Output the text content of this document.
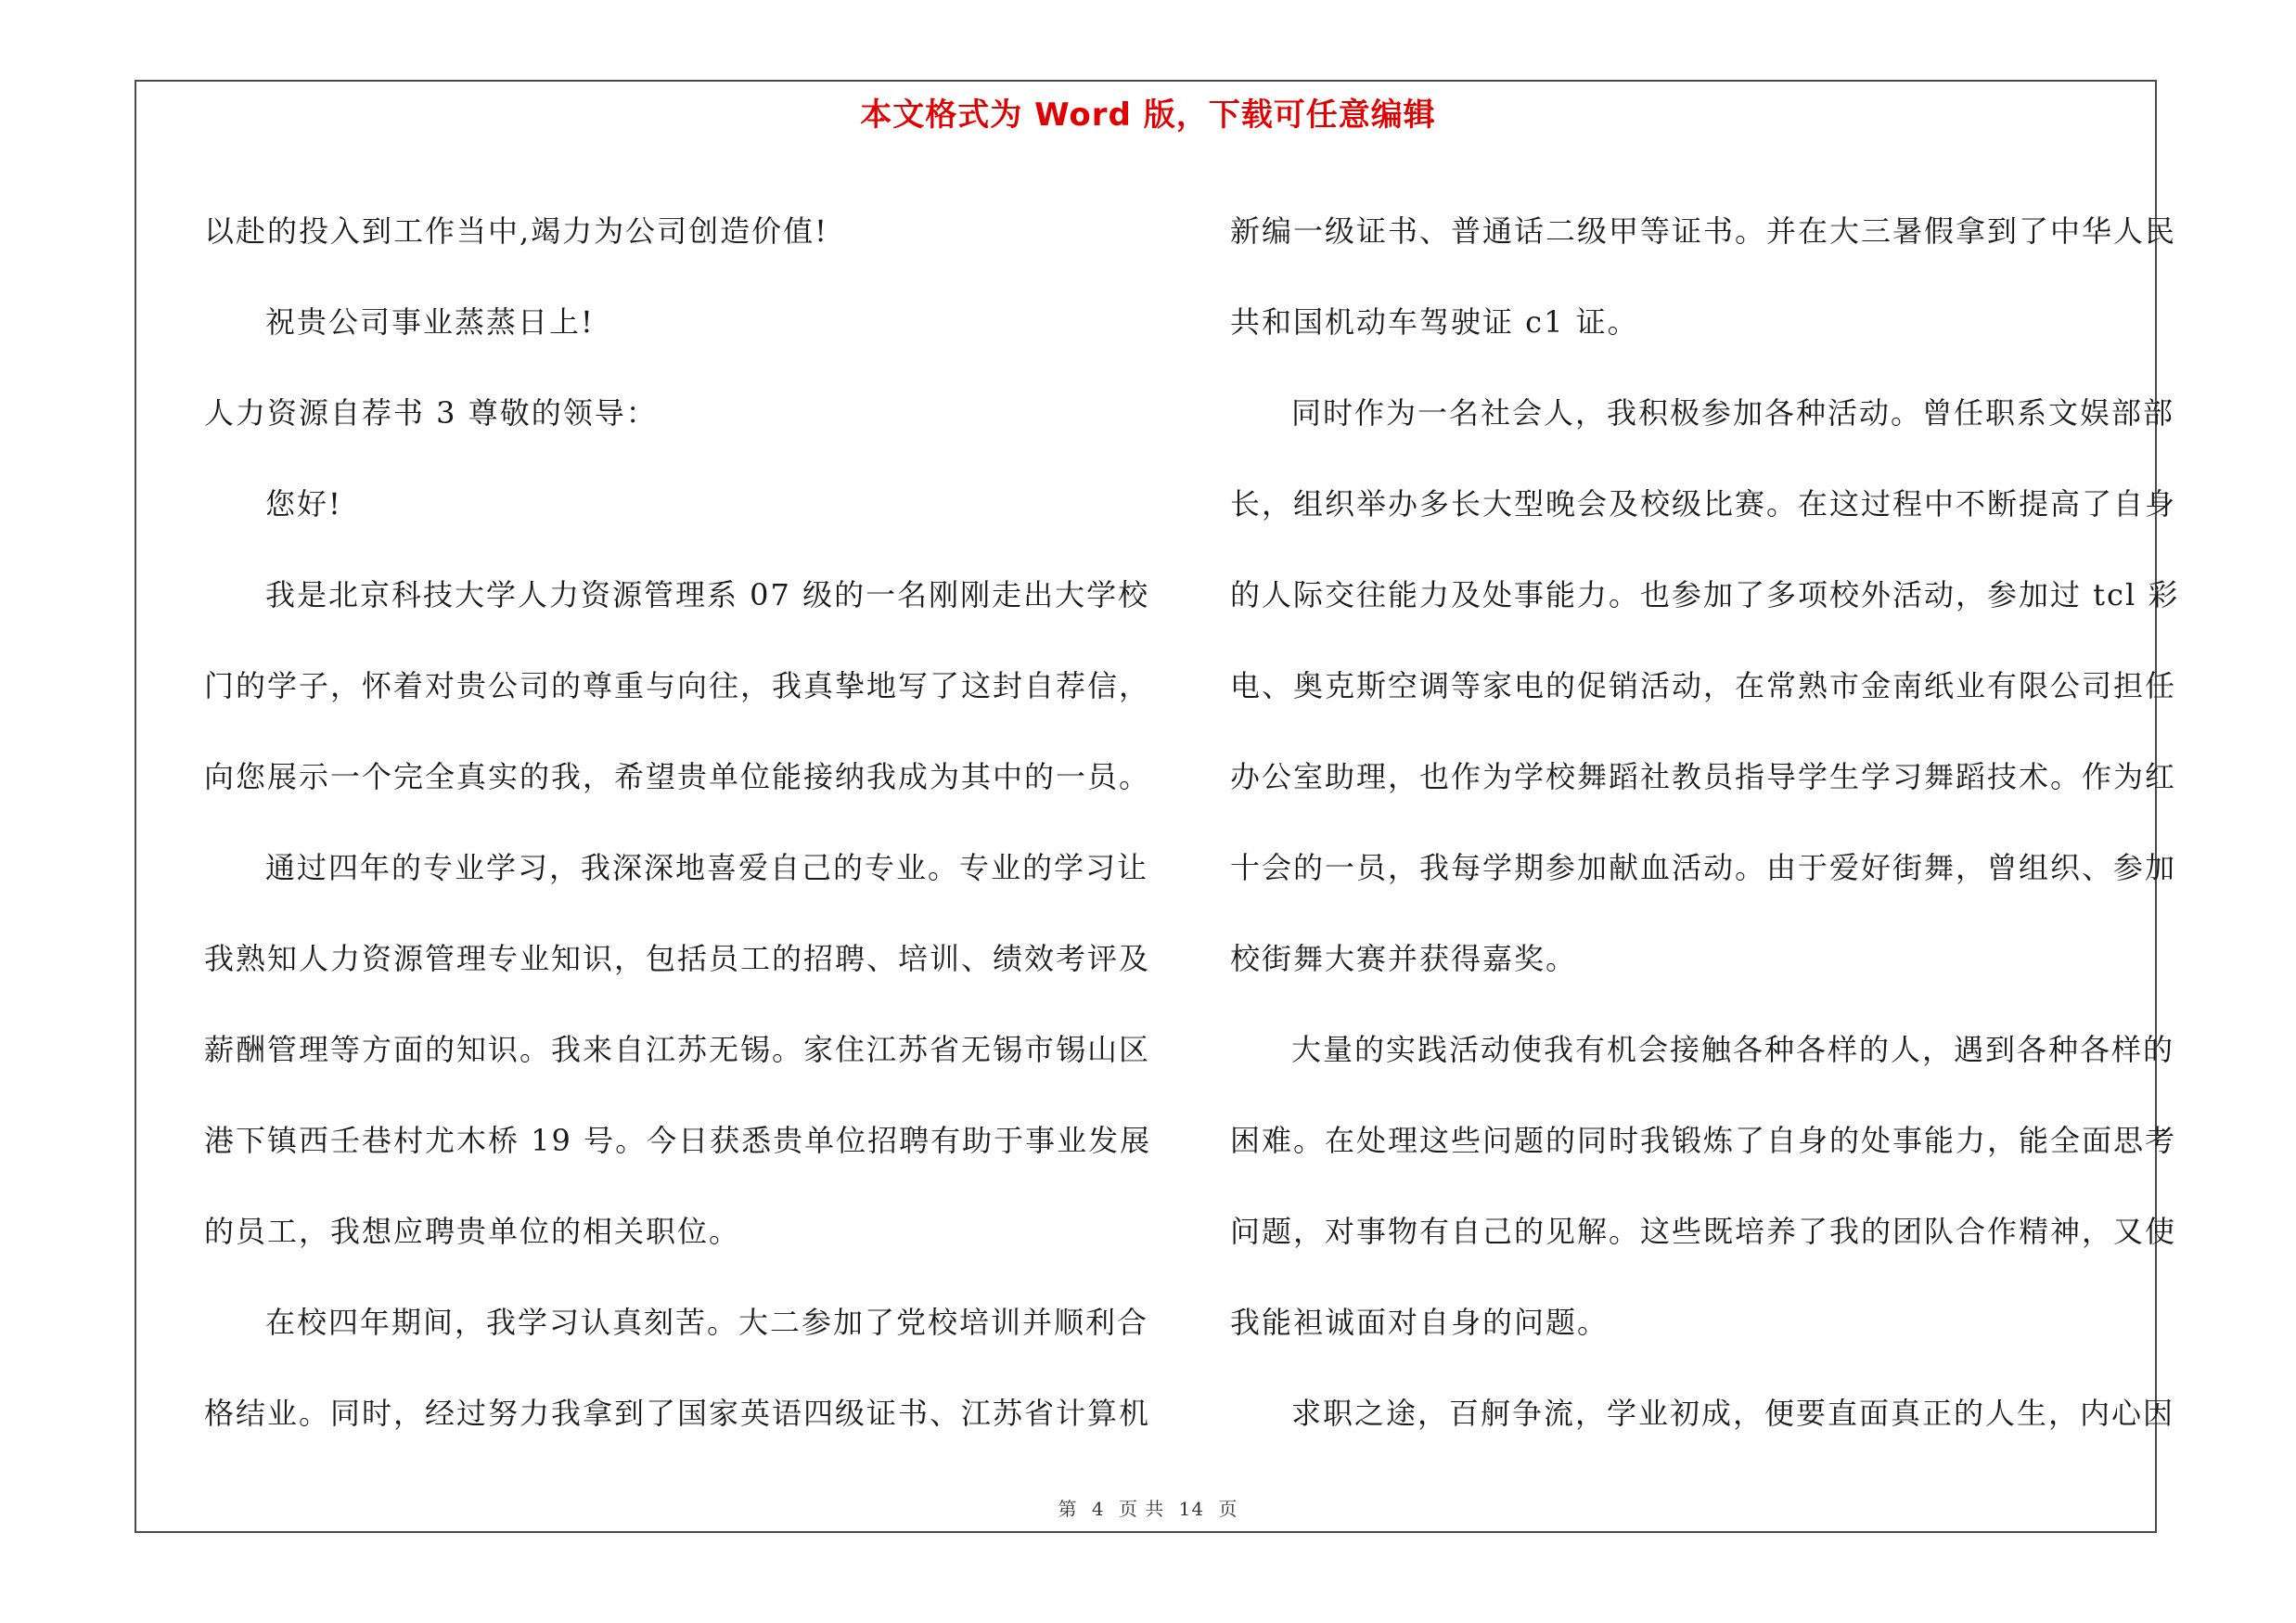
本文格式为 Word 版，下载可任意编辑
以赴的投入到工作当中,竭力为公司创造价值!
祝贵公司事业蒸蒸日上!
人力资源自荐书 3 尊敬的领导：
您好!
我是北京科技大学人力资源管理系 07 级的一名刚刚走出大学校
门的学子，怀着对贵公司的尊重与向往，我真挚地写了这封自荐信，
向您展示一个完全真实的我，希望贵单位能接纳我成为其中的一员。
通过四年的专业学习，我深深地喜爱自己的专业。专业的学习让
我熟知人力资源管理专业知识，包括员工的招聘、培训、绩效考评及
薪酬管理等方面的知识。我来自江苏无锡。家住江苏省无锡市锡山区
港下镇西壬巷村尤木桥 19 号。今日获悉贵单位招聘有助于事业发展
的员工，我想应聘贵单位的相关职位。
在校四年期间，我学习认真刻苦。大二参加了党校培训并顺利合
格结业。同时，经过努力我拿到了国家英语四级证书、江苏省计算机
新编一级证书、普通话二级甲等证书。并在大三暑假拿到了中华人民
共和国机动车驾驶证 c1 证。
同时作为一名社会人，我积极参加各种活动。曾任职系文娱部部
长，组织举办多长大型晚会及校级比赛。在这过程中不断提高了自身
的人际交往能力及处事能力。也参加了多项校外活动，参加过 tcl 彩
电、奥克斯空调等家电的促销活动，在常熟市金南纸业有限公司担任
办公室助理，也作为学校舞蹈社教员指导学生学习舞蹈技术。作为红
十会的一员，我每学期参加献血活动。由于爱好街舞，曾组织、参加
校街舞大赛并获得嘉奖。
大量的实践活动使我有机会接触各种各样的人，遇到各种各样的
困难。在处理这些问题的同时我锻炼了自身的处事能力，能全面思考
问题，对事物有自己的见解。这些既培养了我的团队合作精神，又使
我能袒诚面对自身的问题。
求职之途，百舸争流，学业初成，便要直面真正的人生，内心因
第 4 页 共 14 页
